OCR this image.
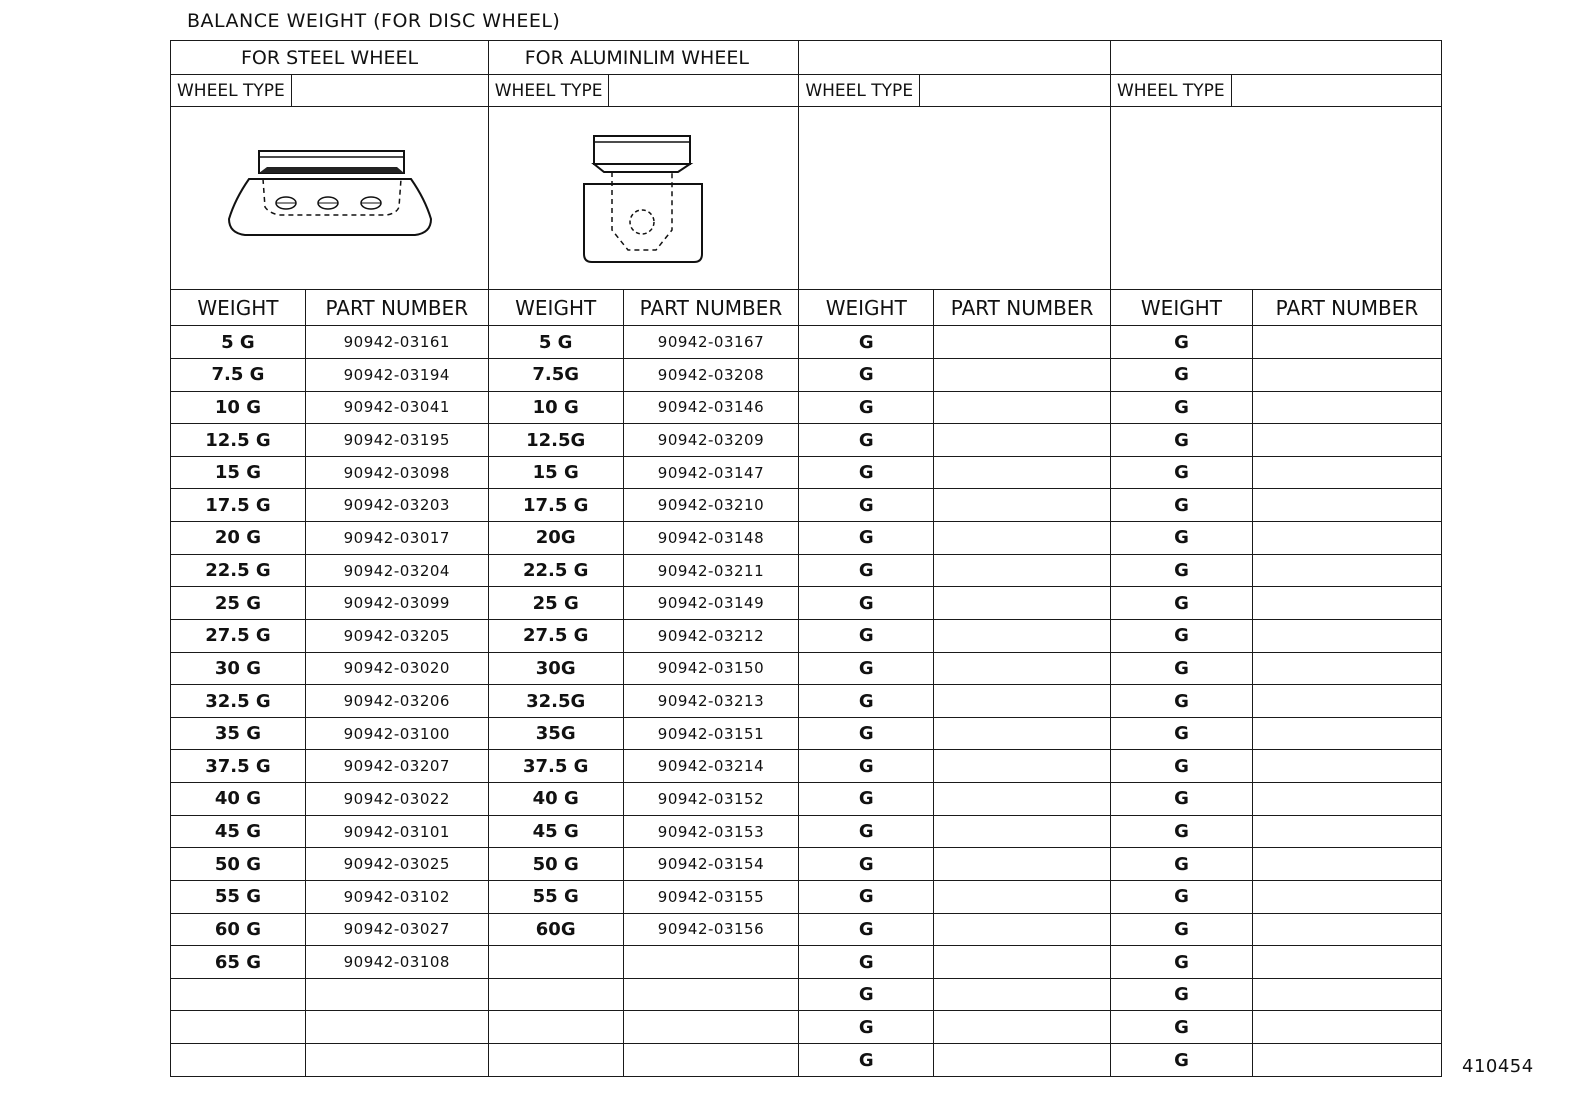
BALANCE WEIGHT (FOR DISC WHEEL)
FOR STEEL WHEEL		FOR ALUMINLIM WHEEL					

WHEEL TYPE		WHEEL TYPE		WHEEL TYPE		WHEEL TYPE	

WEIGHT	PART NUMBER	WEIGHT	PART NUMBER	WEIGHT	PART NUMBER	WEIGHT	PART NUMBER
5 G	90942-03161	5 G	90942-03167	G		G	
7.5 G	90942-03194	7.5G	90942-03208	G		G	
10 G	90942-03041	10 G	90942-03146	G		G	
12.5 G	90942-03195	12.5G	90942-03209	G		G	
15 G	90942-03098	15 G	90942-03147	G		G	
17.5 G	90942-03203	17.5 G	90942-03210	G		G	
20 G	90942-03017	20G	90942-03148	G		G	
22.5 G	90942-03204	22.5 G	90942-03211	G		G	
25 G	90942-03099	25 G	90942-03149	G		G	
27.5 G	90942-03205	27.5 G	90942-03212	G		G	
30 G	90942-03020	30G	90942-03150	G		G	
32.5 G	90942-03206	32.5G	90942-03213	G		G	
35 G	90942-03100	35G	90942-03151	G		G	
37.5 G	90942-03207	37.5 G	90942-03214	G		G	
40 G	90942-03022	40 G	90942-03152	G		G	
45 G	90942-03101	45 G	90942-03153	G		G	
50 G	90942-03025	50 G	90942-03154	G		G	
55 G	90942-03102	55 G	90942-03155	G		G	
60 G	90942-03027	60G	90942-03156	G		G	
65 G	90942-03108			G		G	
				G		G	
				G		G	
				G		G		410454
